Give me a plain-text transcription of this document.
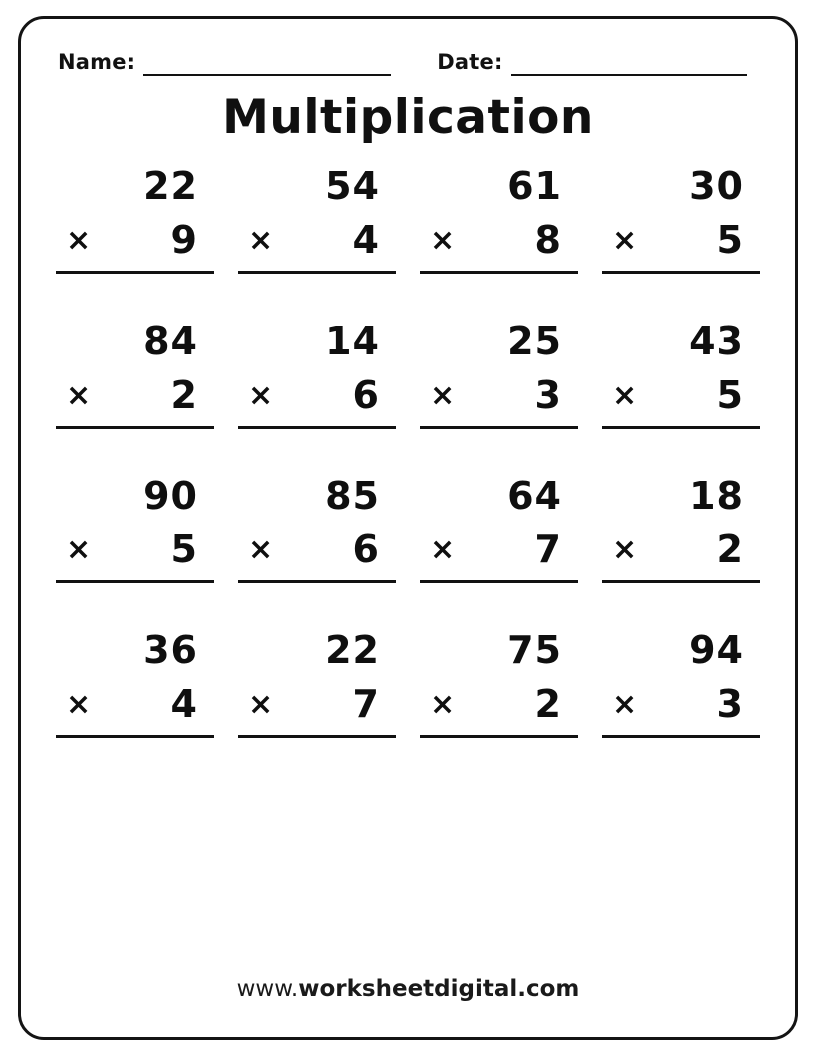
Name:	Date:
Multiplication
22
× 9
54
× 4
61
× 8
30
× 5
84
× 2
14
× 6
25
× 3
43
× 5
90
× 5
85
× 6
64
× 7
18
× 2
36
× 4
22
× 7
75
× 2
94
× 3
www.worksheetdigital.com
